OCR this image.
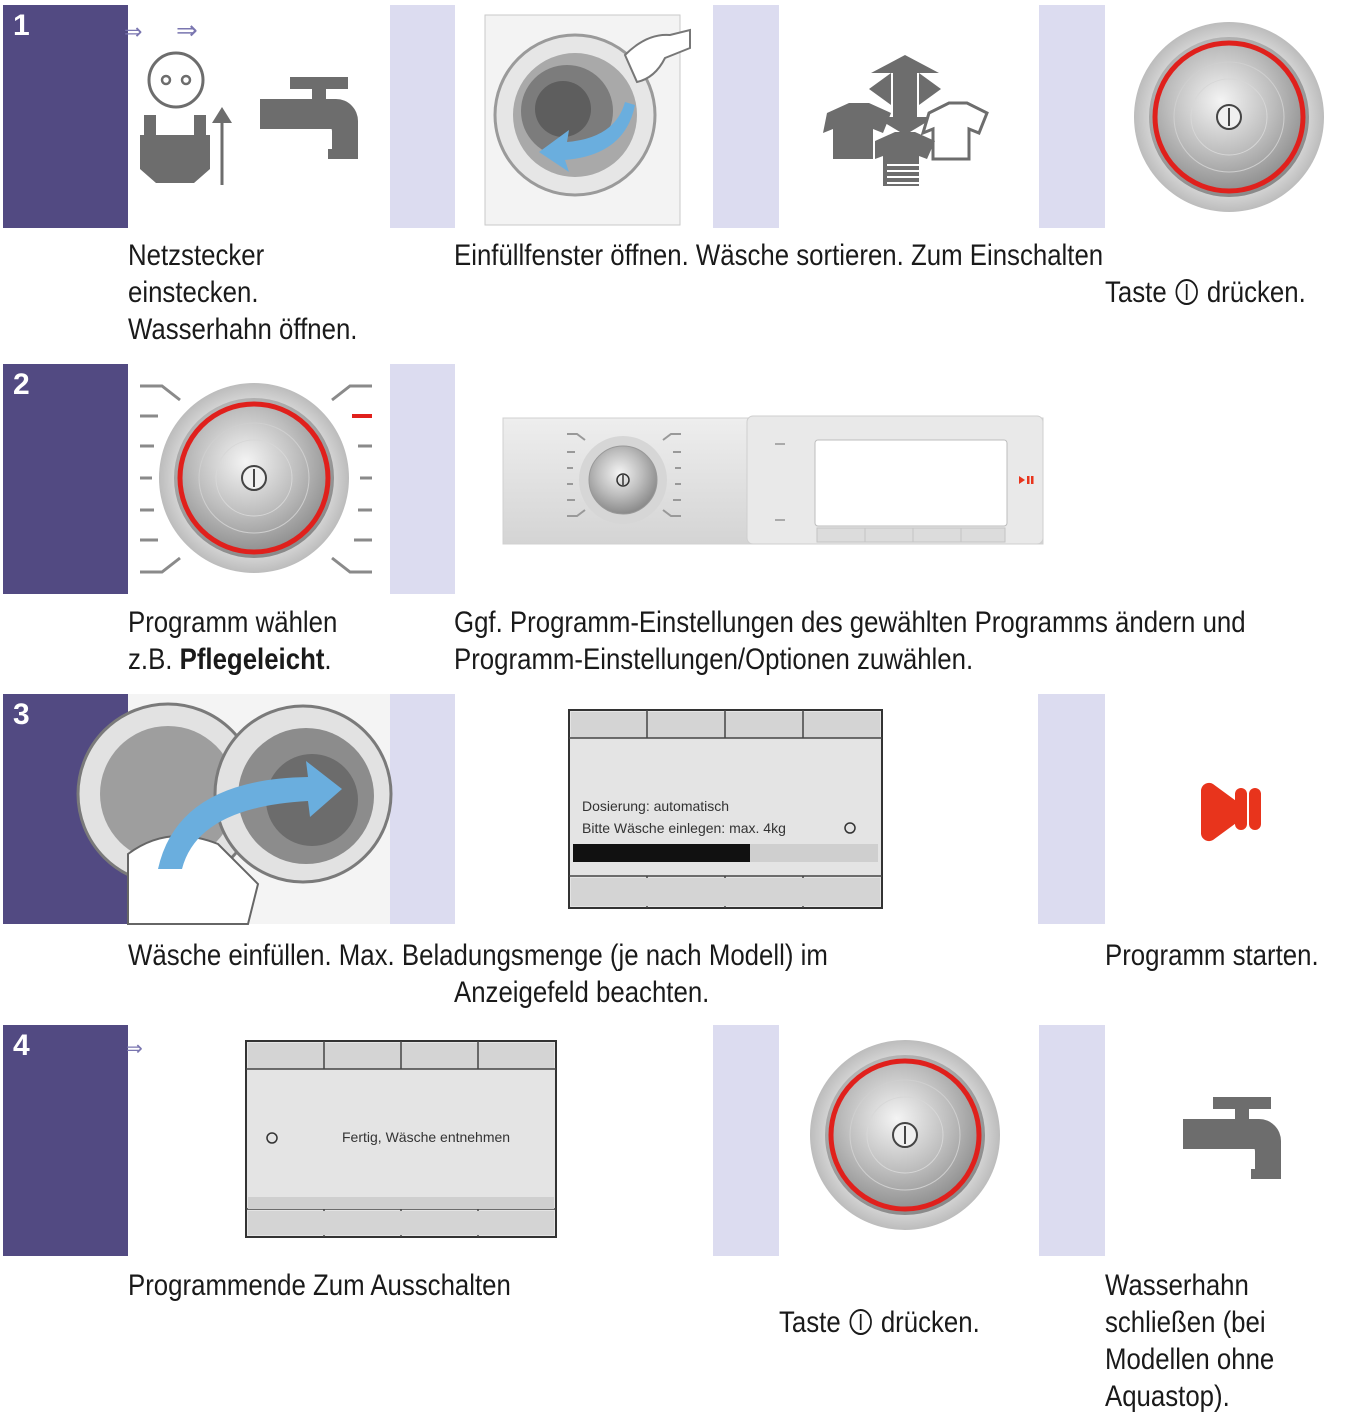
1	⇒ ⇒
Netzstecker
einstecken.
Wasserhahn öffnen.
Einfüllfenster öffnen. Wäsche sortieren. Zum Einschalten
Taste drücken.
2
Programm wählen
z.B. Pflegeleicht.
Ggf. Programm-Einstellungen des gewählten Programms ändern und
Programm-Einstellungen/Optionen zuwählen.
3
Dosierung: automatisch
Bitte Wäsche einlegen: max. 4kg
Wäsche einfüllen. Max. Beladungsmenge (je nach Modell) im
Anzeigefeld beachten.
Programm starten.
4	⇒
Fertig, Wäsche entnehmen
Programmende Zum Ausschalten
Taste drücken.
Wasserhahn
schließen (bei
Modellen ohne
Aquastop).
